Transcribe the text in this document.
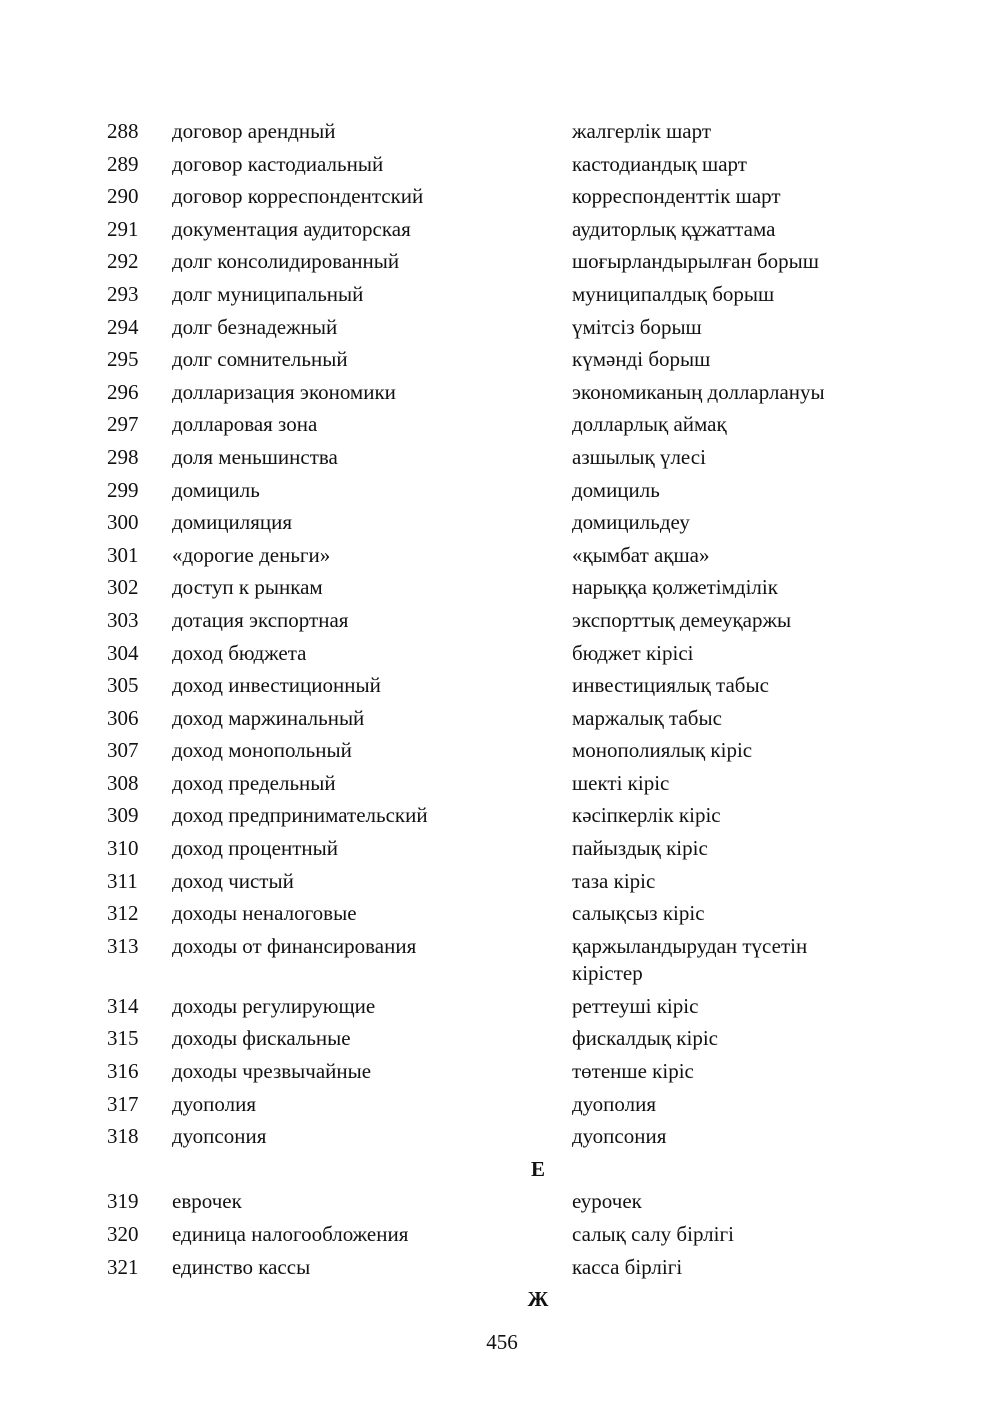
288 договор арендный	жалгерлік шарт
289 договор кастодиальный	кастодиандық шарт
290 договор корреспондентский	корреспонденттік шарт
291 документация аудиторская	аудиторлық құжаттама
292 долг консолидированный	шоғырландырылған борыш
293 долг муниципальный	муниципалдық борыш
294 долг безнадежный	үмітсіз борыш
295 долг сомнительный	күмәнді борыш
296 долларизация экономики	экономиканың долларлануы
297 долларовая зона	долларлық аймақ
298 доля меньшинства	азшылық үлесі
299 домициль	домициль
300 домициляция	домицильдеу
301 «дорогие деньги»	«қымбат ақша»
302 доступ к рынкам	нарыққа қолжетімділік
303 дотация экспортная	экспорттық демеуқаржы
304 доход бюджета	бюджет кірісі
305 доход инвестиционный	инвестициялық табыс
306 доход маржинальный	маржалық табыс
307 доход монопольный	монополиялық кіріс
308 доход предельный	шекті кіріс
309 доход предпринимательский	кәсіпкерлік кіріс
310 доход процентный	пайыздық кіріс
311 доход чистый	таза кіріс
312 доходы неналоговые	салықсыз кіріс
313 доходы от финансирования	қаржыландырудан түсетін кірістер
314 доходы регулирующие	реттеуші кіріс
315 доходы фискальные	фискалдық кіріс
316 доходы чрезвычайные	төтенше кіріс
317 дуополия	дуополия
318 дуопсония	дуопсония
Е
319 еврочек	еурочек
320 единица налогообложения	салық салу бірлігі
321 единство кассы	касса бірлігі
Ж
456
